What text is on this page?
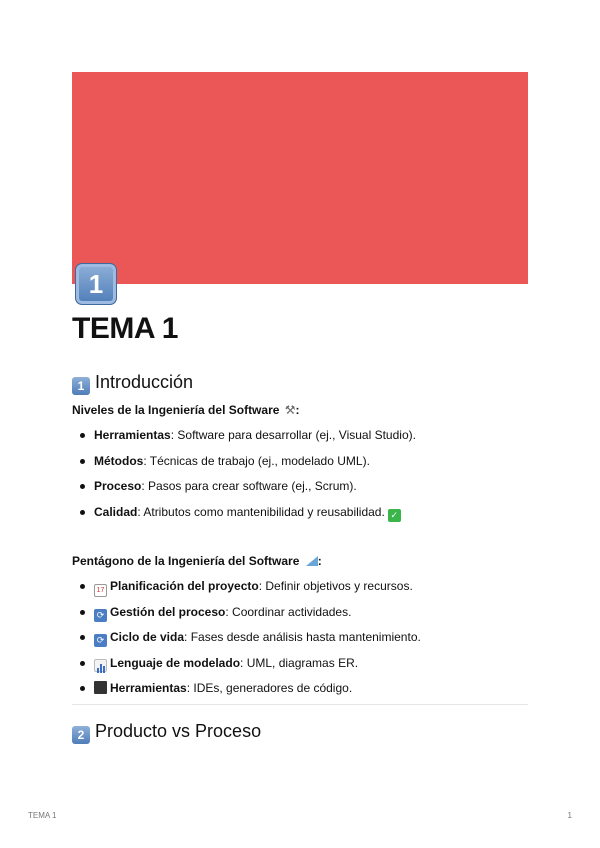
1
TEMA 1
1 Introducción

Niveles de la Ingeniería del Software ⚒:

Herramientas: Software para desarrollar (ej., Visual Studio).
Métodos: Técnicas de trabajo (ej., modelado UML).
Proceso: Pasos para crear software (ej., Scrum).
Calidad: Atributos como mantenibilidad y reusabilidad. ✓

Pentágono de la Ingeniería del Software :

17 Planificación del proyecto: Definir objetivos y recursos.
⟳ Gestión del proceso: Coordinar actividades.
⟳ Ciclo de vida: Fases desde análisis hasta mantenimiento.
Lenguaje de modelado: UML, diagramas ER.
Herramientas: IDEs, generadores de código.
2 Producto vs Proceso
TEMA 1	1
